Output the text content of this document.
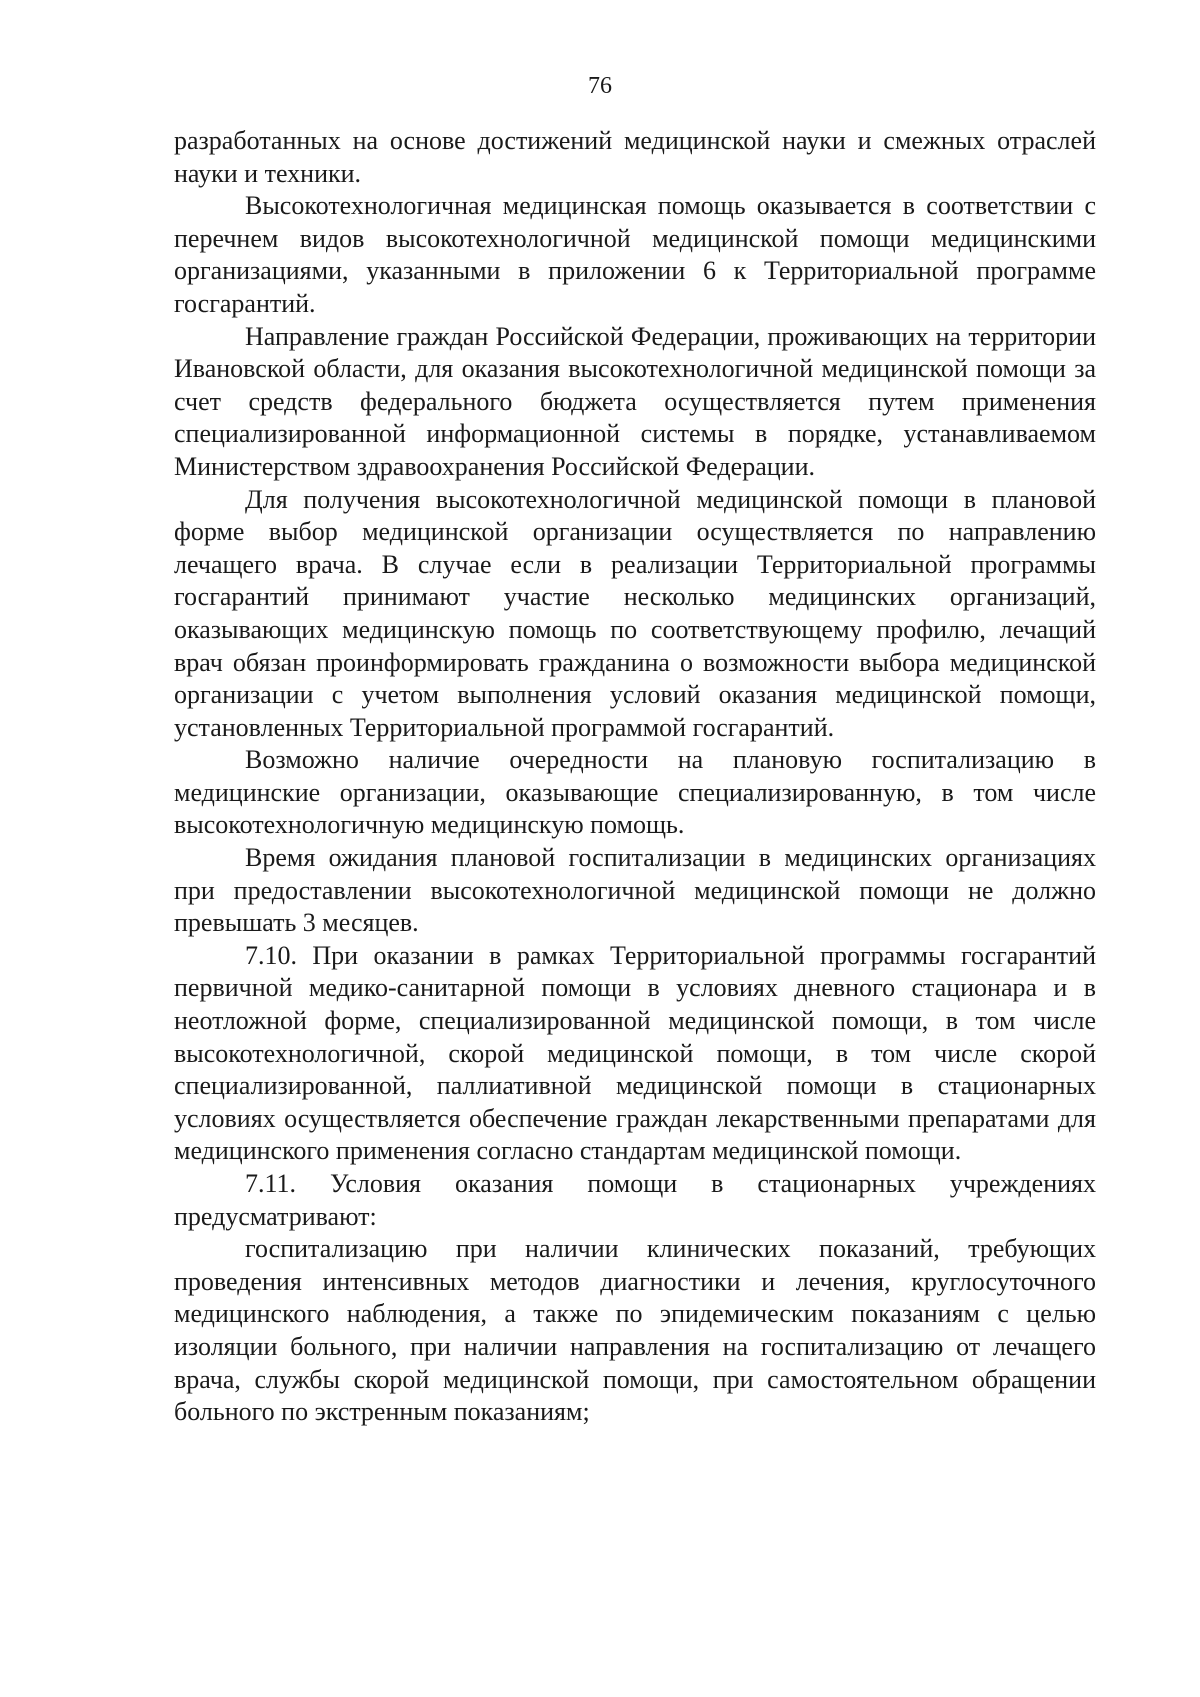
76

разработанных на основе достижений медицинской науки и смежных отраслей науки и техники.

Высокотехнологичная медицинская помощь оказывается в соответствии с перечнем видов высокотехнологичной медицинской помощи медицинскими организациями, указанными в приложении 6 к Территориальной программе госгарантий.

Направление граждан Российской Федерации, проживающих на территории Ивановской области, для оказания высокотехнологичной медицинской помощи за счет средств федерального бюджета осуществляется путем применения специализированной информационной системы в порядке, устанавливаемом Министерством здравоохранения Российской Федерации.

Для получения высокотехнологичной медицинской помощи в плановой форме выбор медицинской организации осуществляется по направлению лечащего врача. В случае если в реализации Территориальной программы госгарантий принимают участие несколько медицинских организаций, оказывающих медицинскую помощь по соответствующему профилю, лечащий врач обязан проинформировать гражданина о возможности выбора медицинской организации с учетом выполнения условий оказания медицинской помощи, установленных Территориальной программой госгарантий.

Возможно наличие очередности на плановую госпитализацию в медицинские организации, оказывающие специализированную, в том числе высокотехнологичную медицинскую помощь.

Время ожидания плановой госпитализации в медицинских организациях при предоставлении высокотехнологичной медицинской помощи не должно превышать 3 месяцев.

7.10. При оказании в рамках Территориальной программы госгарантий первичной медико-санитарной помощи в условиях дневного стационара и в неотложной форме, специализированной медицинской помощи, в том числе высокотехнологичной, скорой медицинской помощи, в том числе скорой специализированной, паллиативной медицинской помощи в стационарных условиях осуществляется обеспечение граждан лекарственными препаратами для медицинского применения согласно стандартам медицинской помощи.

7.11. Условия оказания помощи в стационарных учреждениях предусматривают:

госпитализацию при наличии клинических показаний, требующих проведения интенсивных методов диагностики и лечения, круглосуточного медицинского наблюдения, а также по эпидемическим показаниям с целью изоляции больного, при наличии направления на госпитализацию от лечащего врача, службы скорой медицинской помощи, при самостоятельном обращении больного по экстренным показаниям;
